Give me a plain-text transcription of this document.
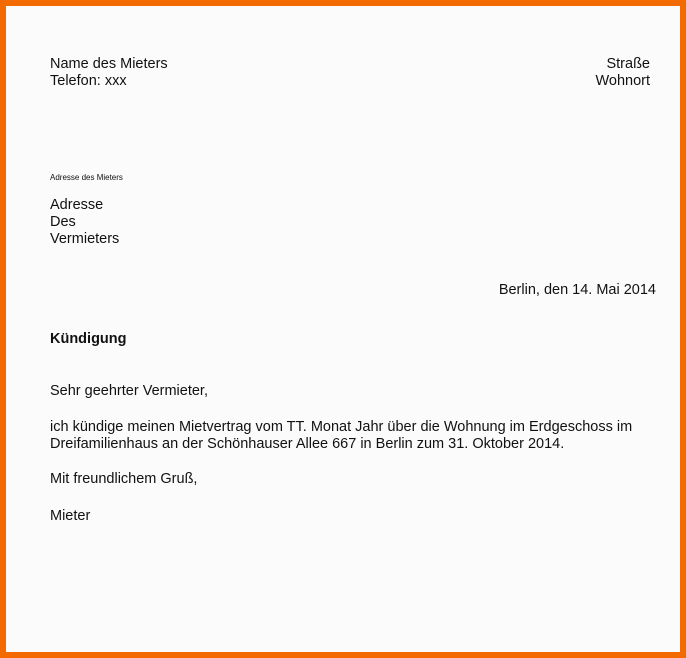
Name des Mieters
Telefon: xxx
Straße
Wohnort
Adresse des Mieters
Adresse
Des
Vermieters
Berlin, den 14. Mai 2014
Kündigung
Sehr geehrter Vermieter,
ich kündige meinen Mietvertrag vom TT. Monat Jahr über die Wohnung im Erdgeschoss im
Dreifamilienhaus an der Schönhauser Allee 667 in Berlin zum 31. Oktober 2014.
Mit freundlichem Gruß,
Mieter
